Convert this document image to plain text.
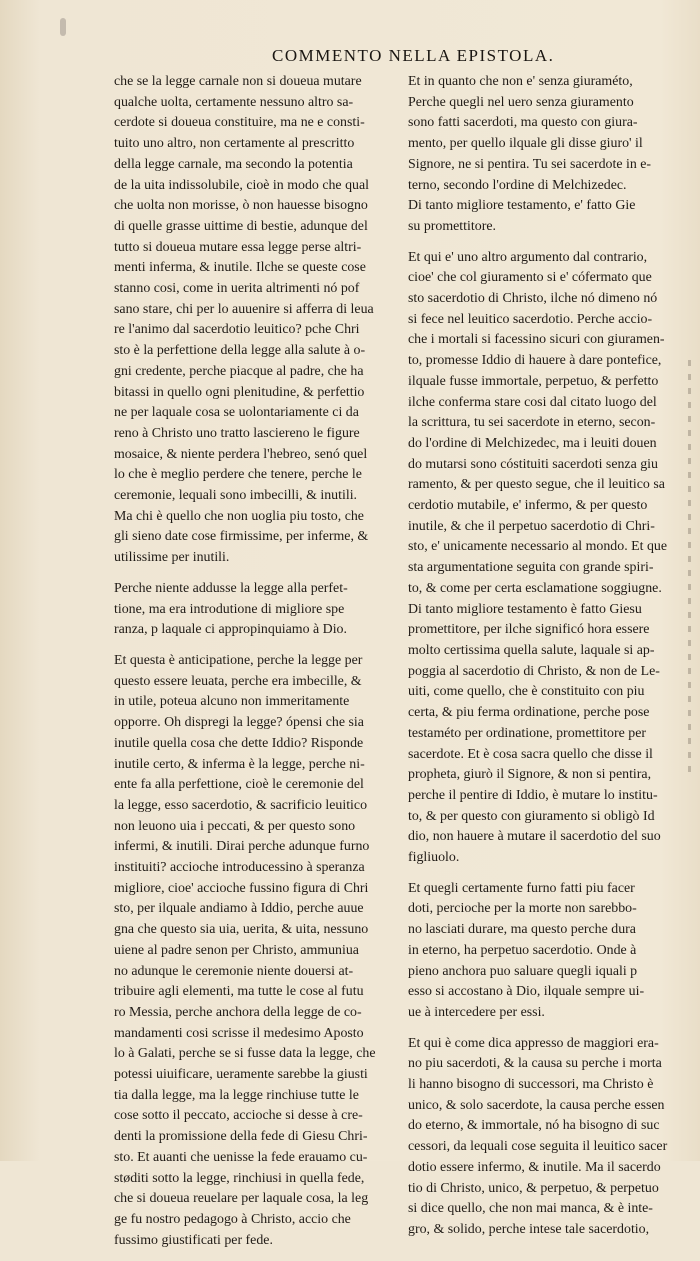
COMMENTO NELLA EPISTOLA.
che se la legge carnale non si doueua mutare
qualche uolta, certamente nessuno altro sa-
cerdote si doueua constituire, ma ne e consti-
tuito uno altro, non certamente al prescritto
della legge carnale, ma secondo la potentia
de la uita indissolubile, cioè in modo che qual
che uolta non morisse, ò non hauesse bisogno
di quelle grasse uittime di bestie, adunque del
tutto si doueua mutare essa legge perse altri-
menti inferma, & inutile. Ilche se queste cose
stanno cosi, come in uerita altrimenti nó pof
sano stare, chi per lo auuenire si afferra di leua
re l'animo dal sacerdotio leuitico? pche Chri
sto è la perfettione della legge alla salute à o-
gni credente, perche piacque al padre, che ha
bitassi in quello ogni plenitudine, & perfettio
ne per laquale cosa se uolontariamente ci da
reno à Christo uno tratto lasciereno le figure
mosaice, & niente perdera l'hebreo, senó quel
lo che è meglio perdere che tenere, perche le
ceremonie, lequali sono imbecilli, & inutili.
Ma chi è quello che non uoglia piu tosto, che
gli sieno date cose firmissime, per inferme, &
utilissime per inutili.
Perche niente addusse la legge alla perfet-
tione, ma era introdutione di migliore spe
ranza, p laquale ci appropinquiamo à Dio.
Et questa è anticipatione, perche la legge per
questo essere leuata, perche era imbecille, &
in utile, poteua alcuno non immeritamente
opporre. Oh dispregi la legge? ópensi che sia
inutile quella cosa che dette Iddio? Risponde
inutile certo, & inferma è la legge, perche ni-
ente fa alla perfettione, cioè le ceremonie del
la legge, esso sacerdotio, & sacrificio leuitico
non leuono uia i peccati, & per questo sono
infermi, & inutili. Dirai perche adunque furno
instituiti? accioche introducessino à speranza
migliore, cioe' accioche fussino figura di Chri
sto, per ilquale andiamo à Iddio, perche auue
gna che questo sia uia, uerita, & uita, nessuno
uiene al padre senon per Christo, ammuniua
no adunque le ceremonie niente douersi at-
tribuire agli elementi, ma tutte le cose al futu
ro Messia, perche anchora della legge de co-
mandamenti cosi scrisse il medesimo Aposto
lo à Galati, perche se si fusse data la legge, che
potessi uiuificare, ueramente sarebbe la giusti
tia dalla legge, ma la legge rinchiuse tutte le
cose sotto il peccato, accioche si desse à cre-
denti la promissione della fede di Giesu Chri-
sto. Et auanti che uenisse la fede erauamo cu-
støditi sotto la legge, rinchiusi in quella fede,
che si doueua reuelare per laquale cosa, la leg
ge fu nostro pedagogo à Christo, accio che
fussimo giustificati per fede.
Et in quanto che non e' senza giuraméto,
Perche quegli nel uero senza giuramento
sono fatti sacerdoti, ma questo con giura-
mento, per quello ilquale gli disse giuro' il
Signore, ne si pentira. Tu sei sacerdote in e-
terno, secondo l'ordine di Melchizedec.
Di tanto migliore testamento, e' fatto Gie
su promettitore.
Et qui e' uno altro argumento dal contrario,
cioe' che col giuramento si e' cófermato que
sto sacerdotio di Christo, ilche nó dimeno nó
si fece nel leuitico sacerdotio. Perche accio-
che i mortali si facessino sicuri con giuramen-
to, promesse Iddio di hauere à dare pontefice,
ilquale fusse immortale, perpetuo, & perfetto
ilche conferma stare cosi dal citato luogo del
la scrittura, tu sei sacerdote in eterno, secon-
do l'ordine di Melchizedec, ma i leuiti douen
do mutarsi sono cóstituiti sacerdoti senza giu
ramento, & per questo segue, che il leuitico sa
cerdotio mutabile, e' infermo, & per questo
inutile, & che il perpetuo sacerdotio di Chri-
sto, e' unicamente necessario al mondo. Et que
sta argumentatione seguita con grande spiri-
to, & come per certa esclamatione soggiugne.
Di tanto migliore testamento è fatto Giesu
promettitore, per ilche significó hora essere
molto certissima quella salute, laquale si ap-
poggia al sacerdotio di Christo, & non de Le-
uiti, come quello, che è constituito con piu
certa, & piu ferma ordinatione, perche pose
testaméto per ordinatione, promettitore per
sacerdote. Et è cosa sacra quello che disse il
propheta, giurò il Signore, & non si pentira,
perche il pentire di Iddio, è mutare lo institu-
to, & per questo con giuramento si obligò Id
dio, non hauere à mutare il sacerdotio del suo
figliuolo.
Et quegli certamente furno fatti piu facer
doti, percioche per la morte non sarebbo-
no lasciati durare, ma questo perche dura
in eterno, ha perpetuo sacerdotio. Onde à
pieno anchora puo saluare quegli iquali p
esso si accostano à Dio, ilquale sempre ui-
ue à intercedere per essi.
Et qui è come dica appresso de maggiori era-
no piu sacerdoti, & la causa su perche i morta
li hanno bisogno di successori, ma Christo è
unico, & solo sacerdote, la causa perche essen
do eterno, & immortale, nó ha bisogno di suc
cessori, da lequali cose seguita il leuitico sacer
dotio essere infermo, & inutile. Ma il sacerdo
tio di Christo, unico, & perpetuo, & perpetuo
si dice quello, che non mai manca, & è inte-
gro, & solido, perche intese tale sacerdotio,
